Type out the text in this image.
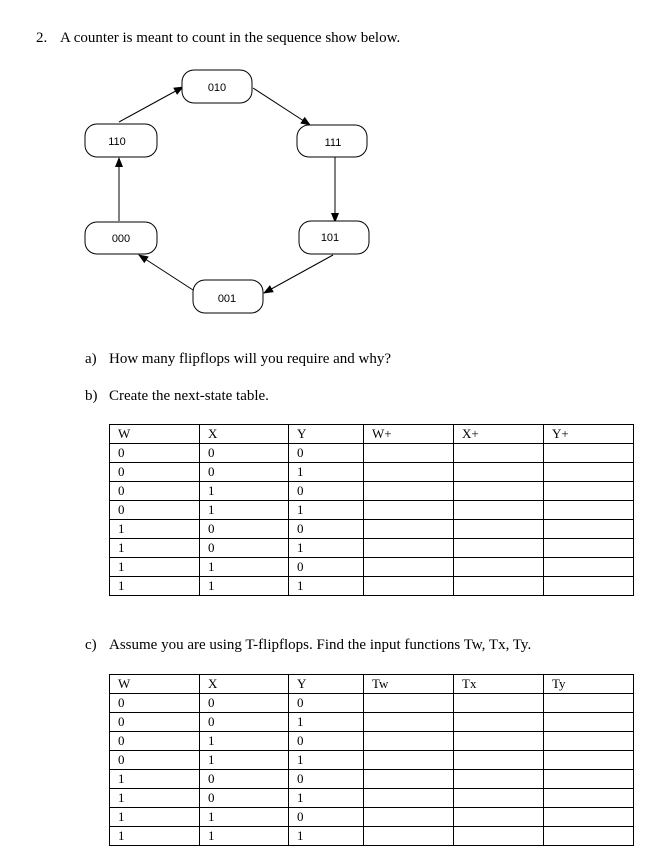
2. A counter is meant to count in the sequence show below.
010
110	111
000	101
001
a) How many flipflops will you require and why?
b) Create the next-state table.
W	X	Y	W+	X+	Y+
0	0	0			
0	0	1			
0	1	0			
0	1	1			
1	0	0			
1	0	1			
1	1	0			
1	1	1			
c) Assume you are using T-flipflops. Find the input functions Tw, Tx, Ty.
W	X	Y	Tw	Tx	Ty
0	0	0			
0	0	1			
0	1	0			
0	1	1			
1	0	0			
1	0	1			
1	1	0			
1	1	1			
